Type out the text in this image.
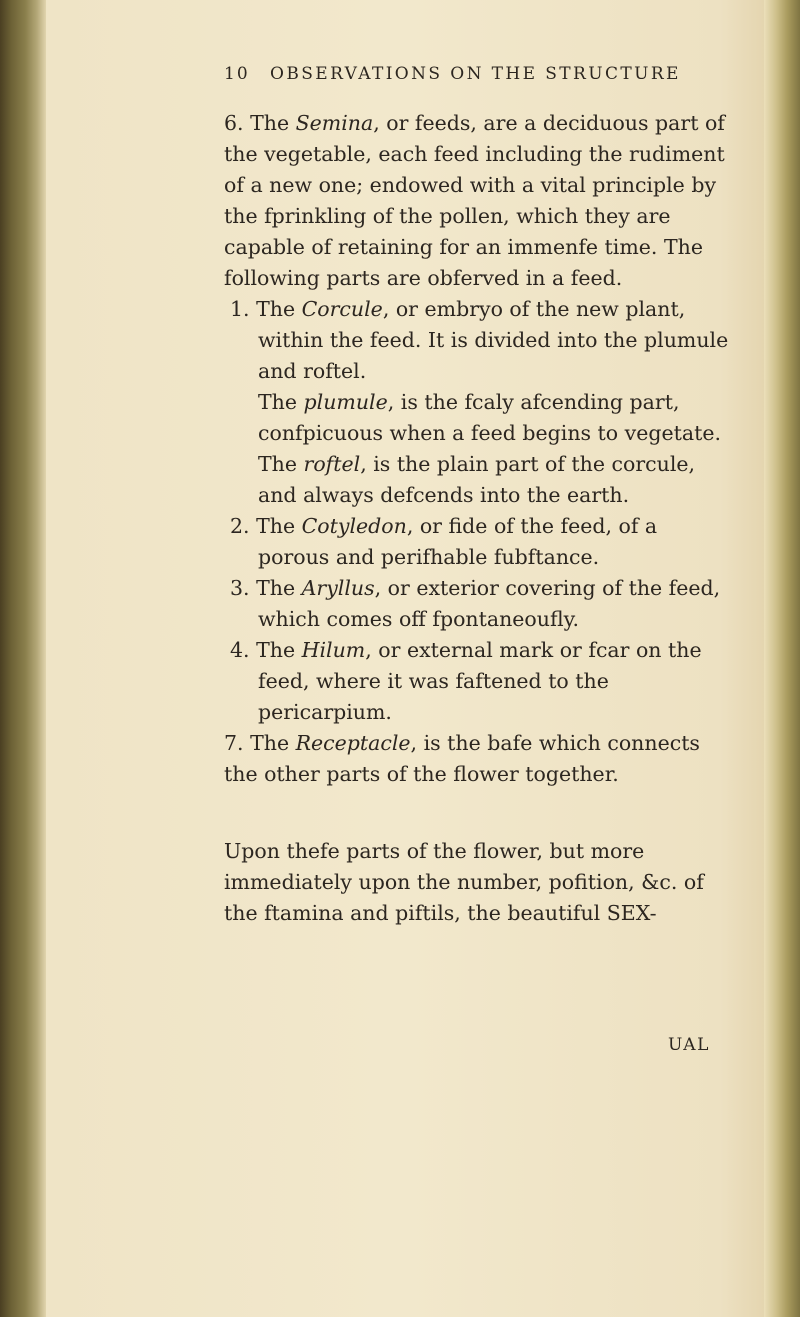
10 OBSERVATIONS ON THE STRUCTURE

6. The Semina, or feeds, are a deciduous part of the vegetable, each feed including the rudiment of a new one; endowed with a vital principle by the fprinkling of the pollen, which they are capable of retaining for an immenfe time. The following parts are obferved in a feed.

1. The Corcule, or embryo of the new plant, within the feed. It is divided into the plumule and roftel.

The plumule, is the fcaly afcending part, confpicuous when a feed begins to vegetate.

The roftel, is the plain part of the corcule, and always defcends into the earth.

2. The Cotyledon, or fide of the feed, of a porous and perifhable fubftance.

3. The Aryllus, or exterior covering of the feed, which comes off fpontaneoufly.

4. The Hilum, or external mark or fcar on the feed, where it was faftened to the pericarpium.

7. The Receptacle, is the bafe which connects the other parts of the flower together.

Upon thefe parts of the flower, but more immediately upon the number, pofition, &c. of the ftamina and piftils, the beautiful SEX-

UAL
